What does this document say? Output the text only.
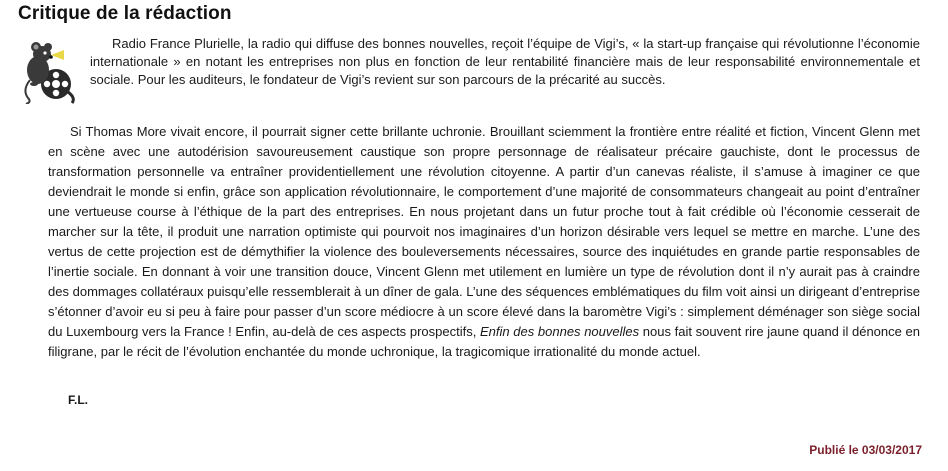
Critique de la rédaction

Radio France Plurielle, la radio qui diffuse des bonnes nouvelles, reçoit l’équipe de Vigi’s, « la start-up française qui révolutionne l’économie internationale » en notant les entreprises non plus en fonction de leur rentabilité financière mais de leur responsabilité environnementale et sociale. Pour les auditeurs, le fondateur de Vigi’s revient sur son parcours de la précarité au succès.

Si Thomas More vivait encore, il pourrait signer cette brillante uchronie. Brouillant sciemment la frontière entre réalité et fiction, Vincent Glenn met en scène avec une autodérision savoureusement caustique son propre personnage de réalisateur précaire gauchiste, dont le processus de transformation personnelle va entraîner providentiellement une révolution citoyenne. A partir d’un canevas réaliste, il s’amuse à imaginer ce que deviendrait le monde si enfin, grâce son application révolutionnaire, le comportement d’une majorité de consommateurs changeait au point d’entraîner une vertueuse course à l’éthique de la part des entreprises. En nous projetant dans un futur proche tout à fait crédible où l’économie cesserait de marcher sur la tête, il produit une narration optimiste qui pourvoit nos imaginaires d’un horizon désirable vers lequel se mettre en marche. L’une des vertus de cette projection est de démythifier la violence des bouleversements nécessaires, source des inquiétudes en grande partie responsables de l’inertie sociale. En donnant à voir une transition douce, Vincent Glenn met utilement en lumière un type de révolution dont il n’y aurait pas à craindre des dommages collatéraux puisqu’elle ressemblerait à un dîner de gala. L’une des séquences emblématiques du film voit ainsi un dirigeant d’entreprise s’étonner d’avoir eu si peu à faire pour passer d’un score médiocre à un score élevé dans la baromètre Vigi’s : simplement déménager son siège social du Luxembourg vers la France ! Enfin, au-delà de ces aspects prospectifs, Enfin des bonnes nouvelles nous fait souvent rire jaune quand il dénonce en filigrane, par le récit de l’évolution enchantée du monde uchronique, la tragicomique irrationalité du monde actuel.

F.L.

Publié le 03/03/2017
